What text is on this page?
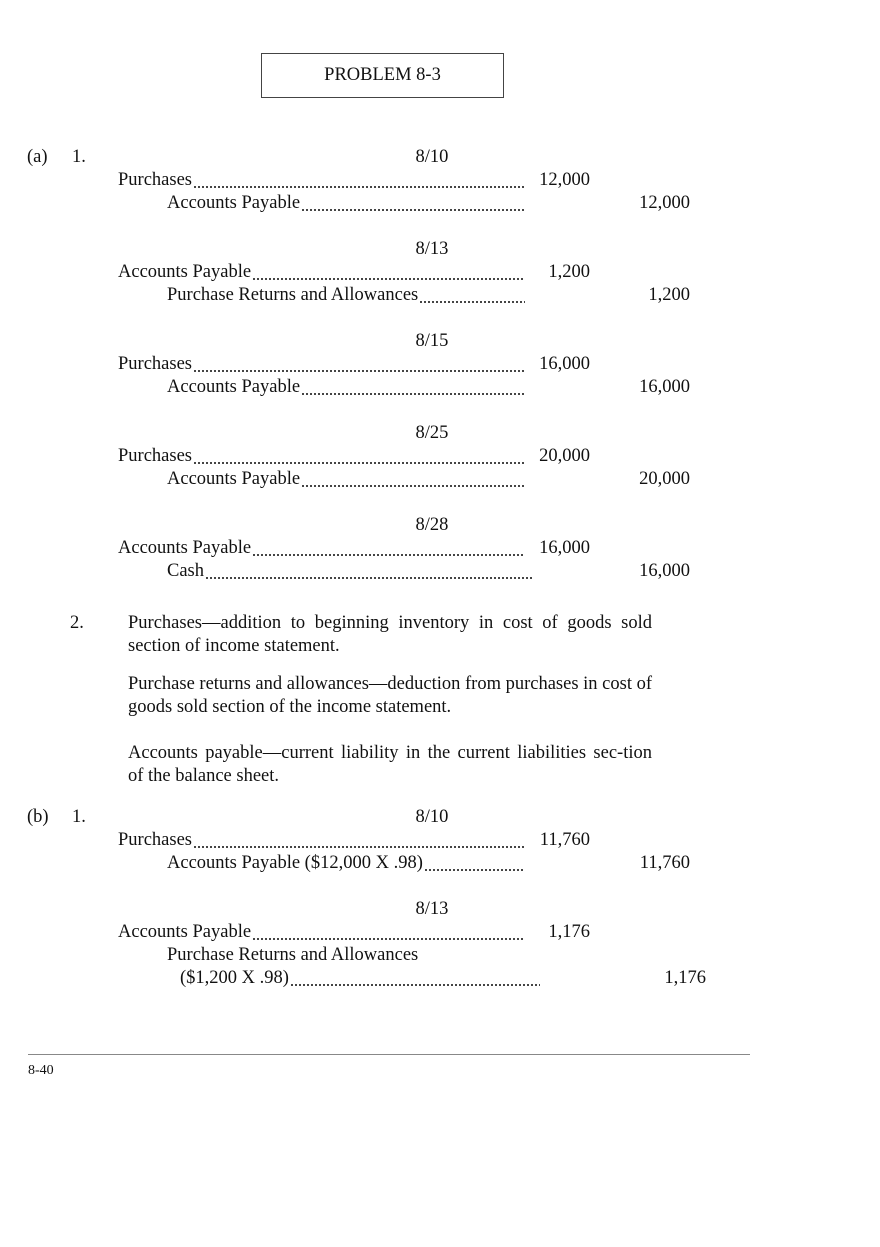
PROBLEM 8-3
(a) 1.	8/10
Purchases	12,000
Accounts Payable	12,000
8/13
Accounts Payable	1,200
Purchase Returns and Allowances	1,200
8/15
Purchases	16,000
Accounts Payable	16,000
8/25
Purchases	20,000
Accounts Payable	20,000
8/28
Accounts Payable	16,000
Cash	16,000
2. Purchases—addition to beginning inventory in cost of goods sold section of income statement.
Purchase returns and allowances—deduction from purchases in cost of goods sold section of the income statement.
Accounts payable—current liability in the current liabilities sec-tion of the balance sheet.
(b) 1.	8/10
Purchases	11,760
Accounts Payable ($12,000 X .98)	11,760
8/13
Accounts Payable	1,176
Purchase Returns and Allowances
($1,200 X .98)	1,176
8-40
